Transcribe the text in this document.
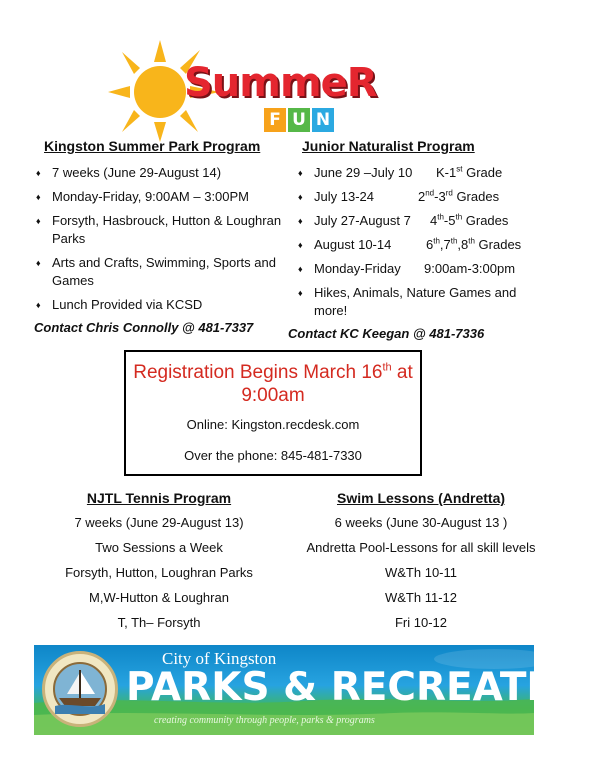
SummeR
F U N
Kingston Summer Park Program
♦ 7 weeks (June 29-August 14)
♦ Monday-Friday, 9:00AM – 3:00PM
♦ Forsyth, Hasbrouck, Hutton & Loughran Parks
♦ Arts and Crafts, Swimming, Sports and Games
♦ Lunch Provided via KCSD
Contact Chris Connolly @ 481-7337
Junior Naturalist Program
♦ June 29 –July 10 K-1st Grade
♦ July 13-24	2nd-3rd Grades
♦ July 27-August 7 4th-5th Grades
♦ August 10-14	6th,7th,8th Grades
♦ Monday-Friday 9:00am-3:00pm
♦ Hikes, Animals, Nature Games and more!
Contact KC Keegan @ 481-7336
Registration Begins March 16th at
9:00am
Online: Kingston.recdesk.com
Over the phone: 845-481-7330
NJTL Tennis Program
7 weeks (June 29-August 13)
Two Sessions a Week
Forsyth, Hutton, Loughran Parks
M,W-Hutton & Loughran
T, Th– Forsyth
Swim Lessons (Andretta)
6 weeks (June 30-August 13 )
Andretta Pool-Lessons for all skill levels
W&Th 10-11
W&Th 11-12
Fri 10-12
City of Kingston
PARKS & RECREATION
creating community through people, parks & programs
